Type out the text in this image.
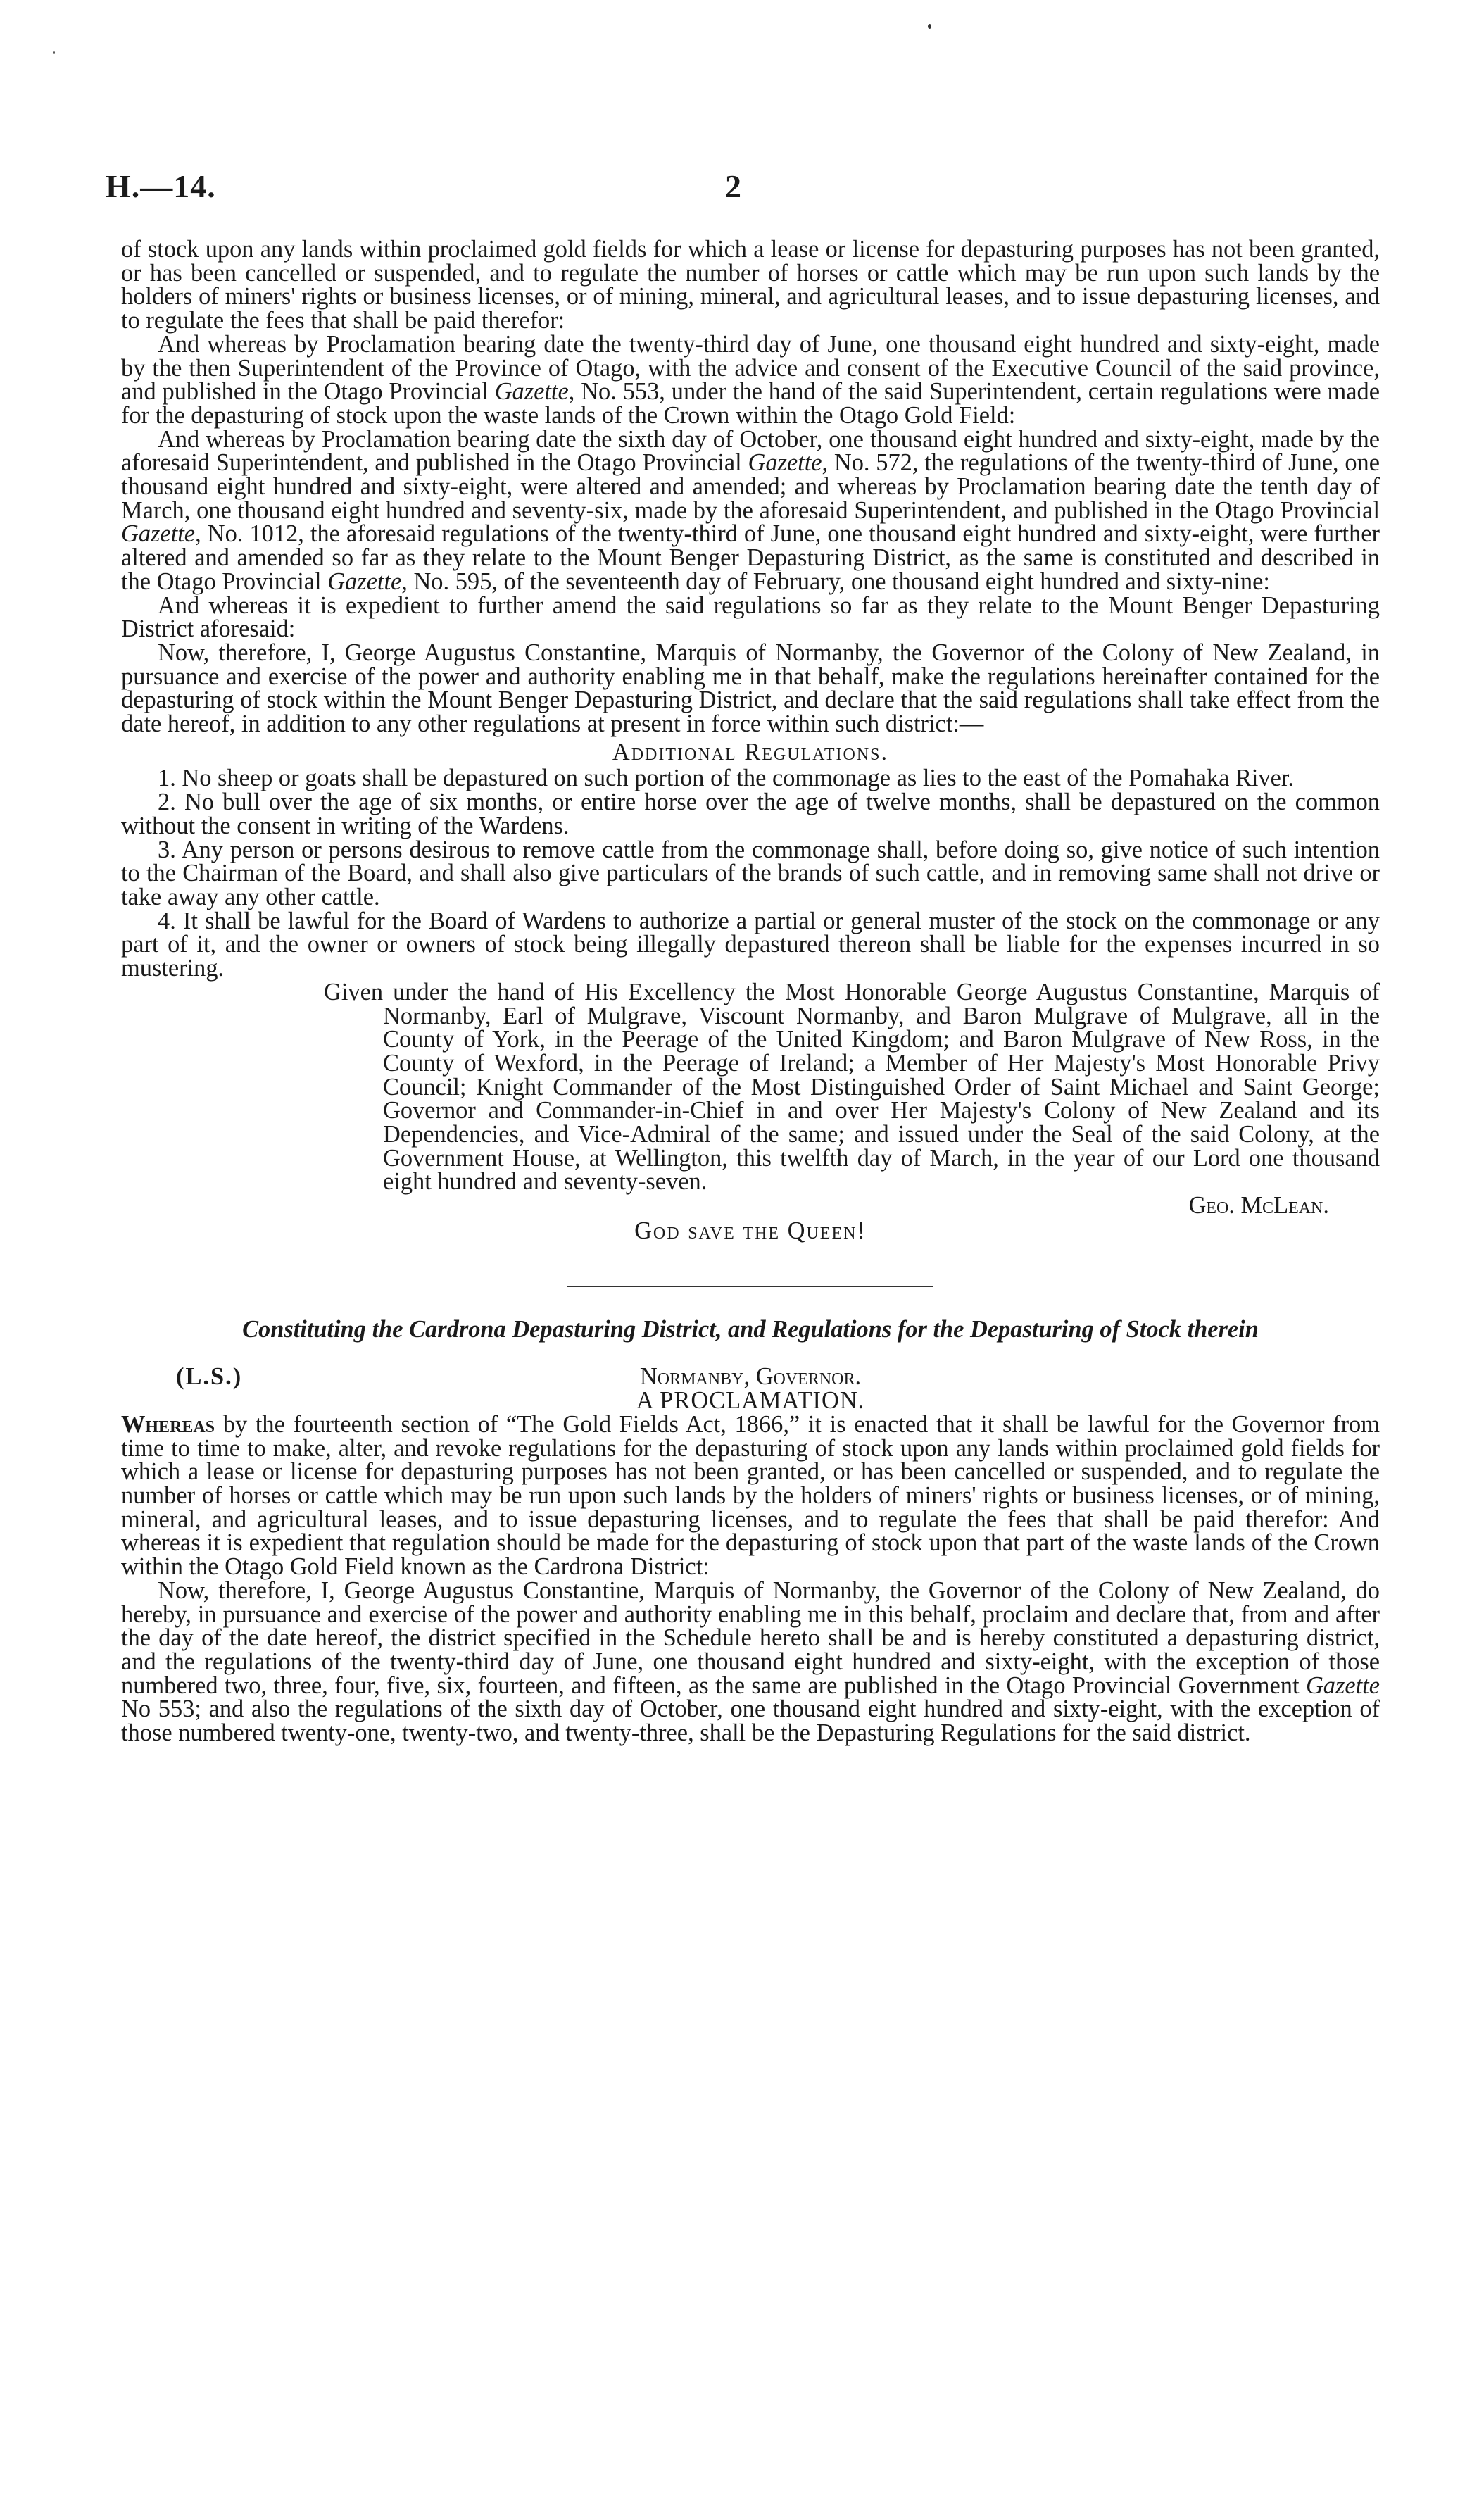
H.—14.	2

of stock upon any lands within proclaimed gold fields for which a lease or license for depasturing purposes has not been granted, or has been cancelled or suspended, and to regulate the number of horses or cattle which may be run upon such lands by the holders of miners' rights or business licenses, or of mining, mineral, and agricultural leases, and to issue depasturing licenses, and to regulate the fees that shall be paid therefor:

And whereas by Proclamation bearing date the twenty-third day of June, one thousand eight hundred and sixty-eight, made by the then Superintendent of the Province of Otago, with the advice and consent of the Executive Council of the said province, and published in the Otago Provincial Gazette, No. 553, under the hand of the said Superintendent, certain regulations were made for the depasturing of stock upon the waste lands of the Crown within the Otago Gold Field:

And whereas by Proclamation bearing date the sixth day of October, one thousand eight hundred and sixty-eight, made by the aforesaid Superintendent, and published in the Otago Provincial Gazette, No. 572, the regulations of the twenty-third of June, one thousand eight hundred and sixty-eight, were altered and amended; and whereas by Proclamation bearing date the tenth day of March, one thousand eight hundred and seventy-six, made by the aforesaid Superintendent, and published in the Otago Provincial Gazette, No. 1012, the aforesaid regulations of the twenty-third of June, one thousand eight hundred and sixty-eight, were further altered and amended so far as they relate to the Mount Benger Depasturing District, as the same is constituted and described in the Otago Provincial Gazette, No. 595, of the seventeenth day of February, one thousand eight hundred and sixty-nine:

And whereas it is expedient to further amend the said regulations so far as they relate to the Mount Benger Depasturing District aforesaid:

Now, therefore, I, George Augustus Constantine, Marquis of Normanby, the Governor of the Colony of New Zealand, in pursuance and exercise of the power and authority enabling me in that behalf, make the regulations hereinafter contained for the depasturing of stock within the Mount Benger Depasturing District, and declare that the said regulations shall take effect from the date hereof, in addition to any other regulations at present in force within such district:—

Additional Regulations.

1. No sheep or goats shall be depastured on such portion of the commonage as lies to the east of the Pomahaka River.

2. No bull over the age of six months, or entire horse over the age of twelve months, shall be depastured on the common without the consent in writing of the Wardens.

3. Any person or persons desirous to remove cattle from the commonage shall, before doing so, give notice of such intention to the Chairman of the Board, and shall also give particulars of the brands of such cattle, and in removing same shall not drive or take away any other cattle.

4. It shall be lawful for the Board of Wardens to authorize a partial or general muster of the stock on the commonage or any part of it, and the owner or owners of stock being illegally depastured thereon shall be liable for the expenses incurred in so mustering.

Given under the hand of His Excellency the Most Honorable George Augustus Constantine, Marquis of Normanby, Earl of Mulgrave, Viscount Normanby, and Baron Mulgrave of Mulgrave, all in the County of York, in the Peerage of the United Kingdom; and Baron Mulgrave of New Ross, in the County of Wexford, in the Peerage of Ireland; a Member of Her Majesty's Most Honorable Privy Council; Knight Commander of the Most Distinguished Order of Saint Michael and Saint George; Governor and Commander-in-Chief in and over Her Majesty's Colony of New Zealand and its Dependencies, and Vice-Admiral of the same; and issued under the Seal of the said Colony, at the Government House, at Wellington, this twelfth day of March, in the year of our Lord one thousand eight hundred and seventy-seven.

Geo. McLean.

God save the Queen!

Constituting the Cardrona Depasturing District, and Regulations for the Depasturing of Stock therein

(L.S.)	Normanby, Governor.

A PROCLAMATION.

Whereas by the fourteenth section of “The Gold Fields Act, 1866,” it is enacted that it shall be lawful for the Governor from time to time to make, alter, and revoke regulations for the depasturing of stock upon any lands within proclaimed gold fields for which a lease or license for depasturing purposes has not been granted, or has been cancelled or suspended, and to regulate the number of horses or cattle which may be run upon such lands by the holders of miners' rights or business licenses, or of mining, mineral, and agricultural leases, and to issue depasturing licenses, and to regulate the fees that shall be paid therefor: And whereas it is expedient that regulation should be made for the depasturing of stock upon that part of the waste lands of the Crown within the Otago Gold Field known as the Cardrona District:

Now, therefore, I, George Augustus Constantine, Marquis of Normanby, the Governor of the Colony of New Zealand, do hereby, in pursuance and exercise of the power and authority enabling me in this behalf, proclaim and declare that, from and after the day of the date hereof, the district specified in the Schedule hereto shall be and is hereby constituted a depasturing district, and the regulations of the twenty-third day of June, one thousand eight hundred and sixty-eight, with the exception of those numbered two, three, four, five, six, fourteen, and fifteen, as the same are published in the Otago Provincial Government Gazette No 553; and also the regulations of the sixth day of October, one thousand eight hundred and sixty-eight, with the exception of those numbered twenty-one, twenty-two, and twenty-three, shall be the Depasturing Regulations for the said district.
